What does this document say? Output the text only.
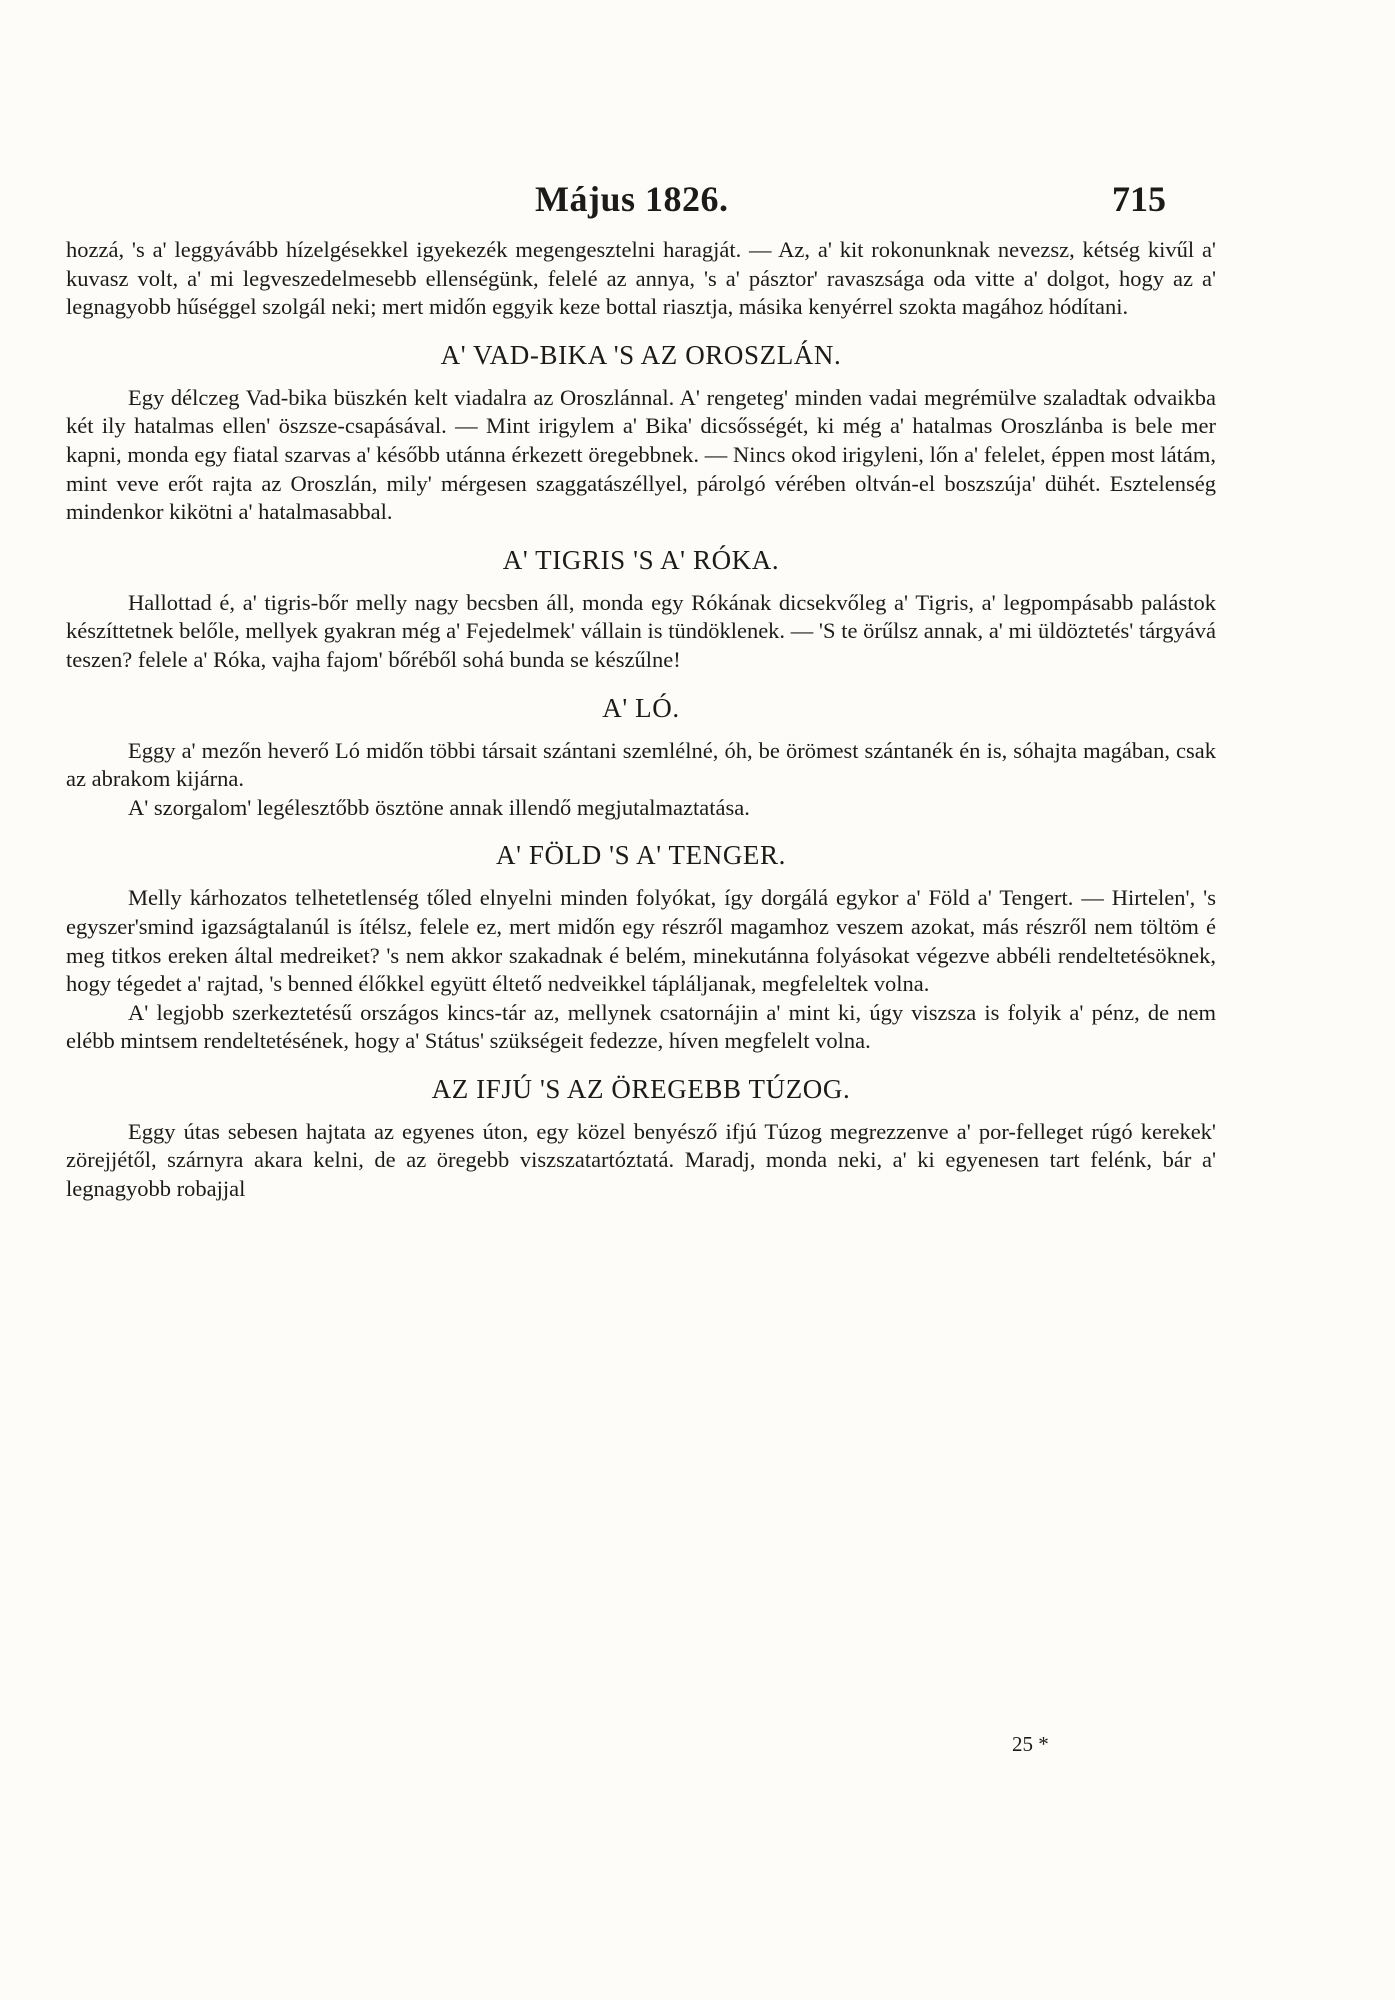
Május 1826.	715

hozzá, 's a' leggyávább hízelgésekkel igyekezék megengesztelni haragját. — Az, a' kit rokonunknak nevezsz, kétség kivűl a' kuvasz volt, a' mi legveszedelmesebb ellenségünk, felelé az annya, 's a' pásztor' ravaszsága oda vitte a' dolgot, hogy az a' legnagyobb hűséggel szolgál neki; mert midőn eggyik keze bottal riasztja, másika kenyérrel szokta magához hódítani.

A' VAD-BIKA 'S AZ OROSZLÁN.

Egy délczeg Vad-bika büszkén kelt viadalra az Oroszlánnal. A' rengeteg' minden vadai megrémülve szaladtak odvaikba két ily hatalmas ellen' öszsze-csapásával. — Mint irigylem a' Bika' dicsősségét, ki még a' hatalmas Oroszlánba is bele mer kapni, monda egy fiatal szarvas a' később utánna érkezett öregebbnek. — Nincs okod irigyleni, lőn a' felelet, éppen most látám, mint veve erőt rajta az Oroszlán, mily' mérgesen szaggatászéllyel, párolgó vérében oltván-el boszszúja' dühét. Esztelenség mindenkor kikötni a' hatalmasabbal.

A' TIGRIS 'S A' RÓKA.

Hallottad é, a' tigris-bőr melly nagy becsben áll, monda egy Rókának dicsekvőleg a' Tigris, a' legpompásabb palástok készíttetnek belőle, mellyek gyakran még a' Fejedelmek' vállain is tündöklenek. — 'S te örűlsz annak, a' mi üldöztetés' tárgyává teszen? felele a' Róka, vajha fajom' bőréből sohá bunda se készűlne!

A' LÓ.

Eggy a' mezőn heverő Ló midőn többi társait szántani szemlélné, óh, be örömest szántanék én is, sóhajta magában, csak az abrakom kijárna.

A' szorgalom' legélesztőbb ösztöne annak illendő megjutalmaztatása.

A' FÖLD 'S A' TENGER.

Melly kárhozatos telhetetlenség tőled elnyelni minden folyókat, így dorgálá egykor a' Föld a' Tengert. — Hirtelen', 's egyszer'smind igazságtalanúl is ítélsz, felele ez, mert midőn egy részről magamhoz veszem azokat, más részről nem töltöm é meg titkos ereken által medreiket? 's nem akkor szakadnak é belém, minekutánna folyásokat végezve abbéli rendeltetésöknek, hogy tégedet a' rajtad, 's benned élőkkel együtt éltető nedveikkel tápláljanak, megfeleltek volna.

A' legjobb szerkeztetésű országos kincs-tár az, mellynek csatornájin a' mint ki, úgy viszsza is folyik a' pénz, de nem elébb mintsem rendeltetésének, hogy a' Státus' szükségeit fedezze, híven megfelelt volna.

AZ IFJÚ 'S AZ ÖREGEBB TÚZOG.

Eggy útas sebesen hajtata az egyenes úton, egy közel benyésző ifjú Túzog megrezzenve a' por-felleget rúgó kerekek' zörejjétől, szárnyra akara kelni, de az öregebb viszszatartóztatá. Maradj, monda neki, a' ki egyenesen tart felénk, bár a' legnagyobb robajjal

25 *
